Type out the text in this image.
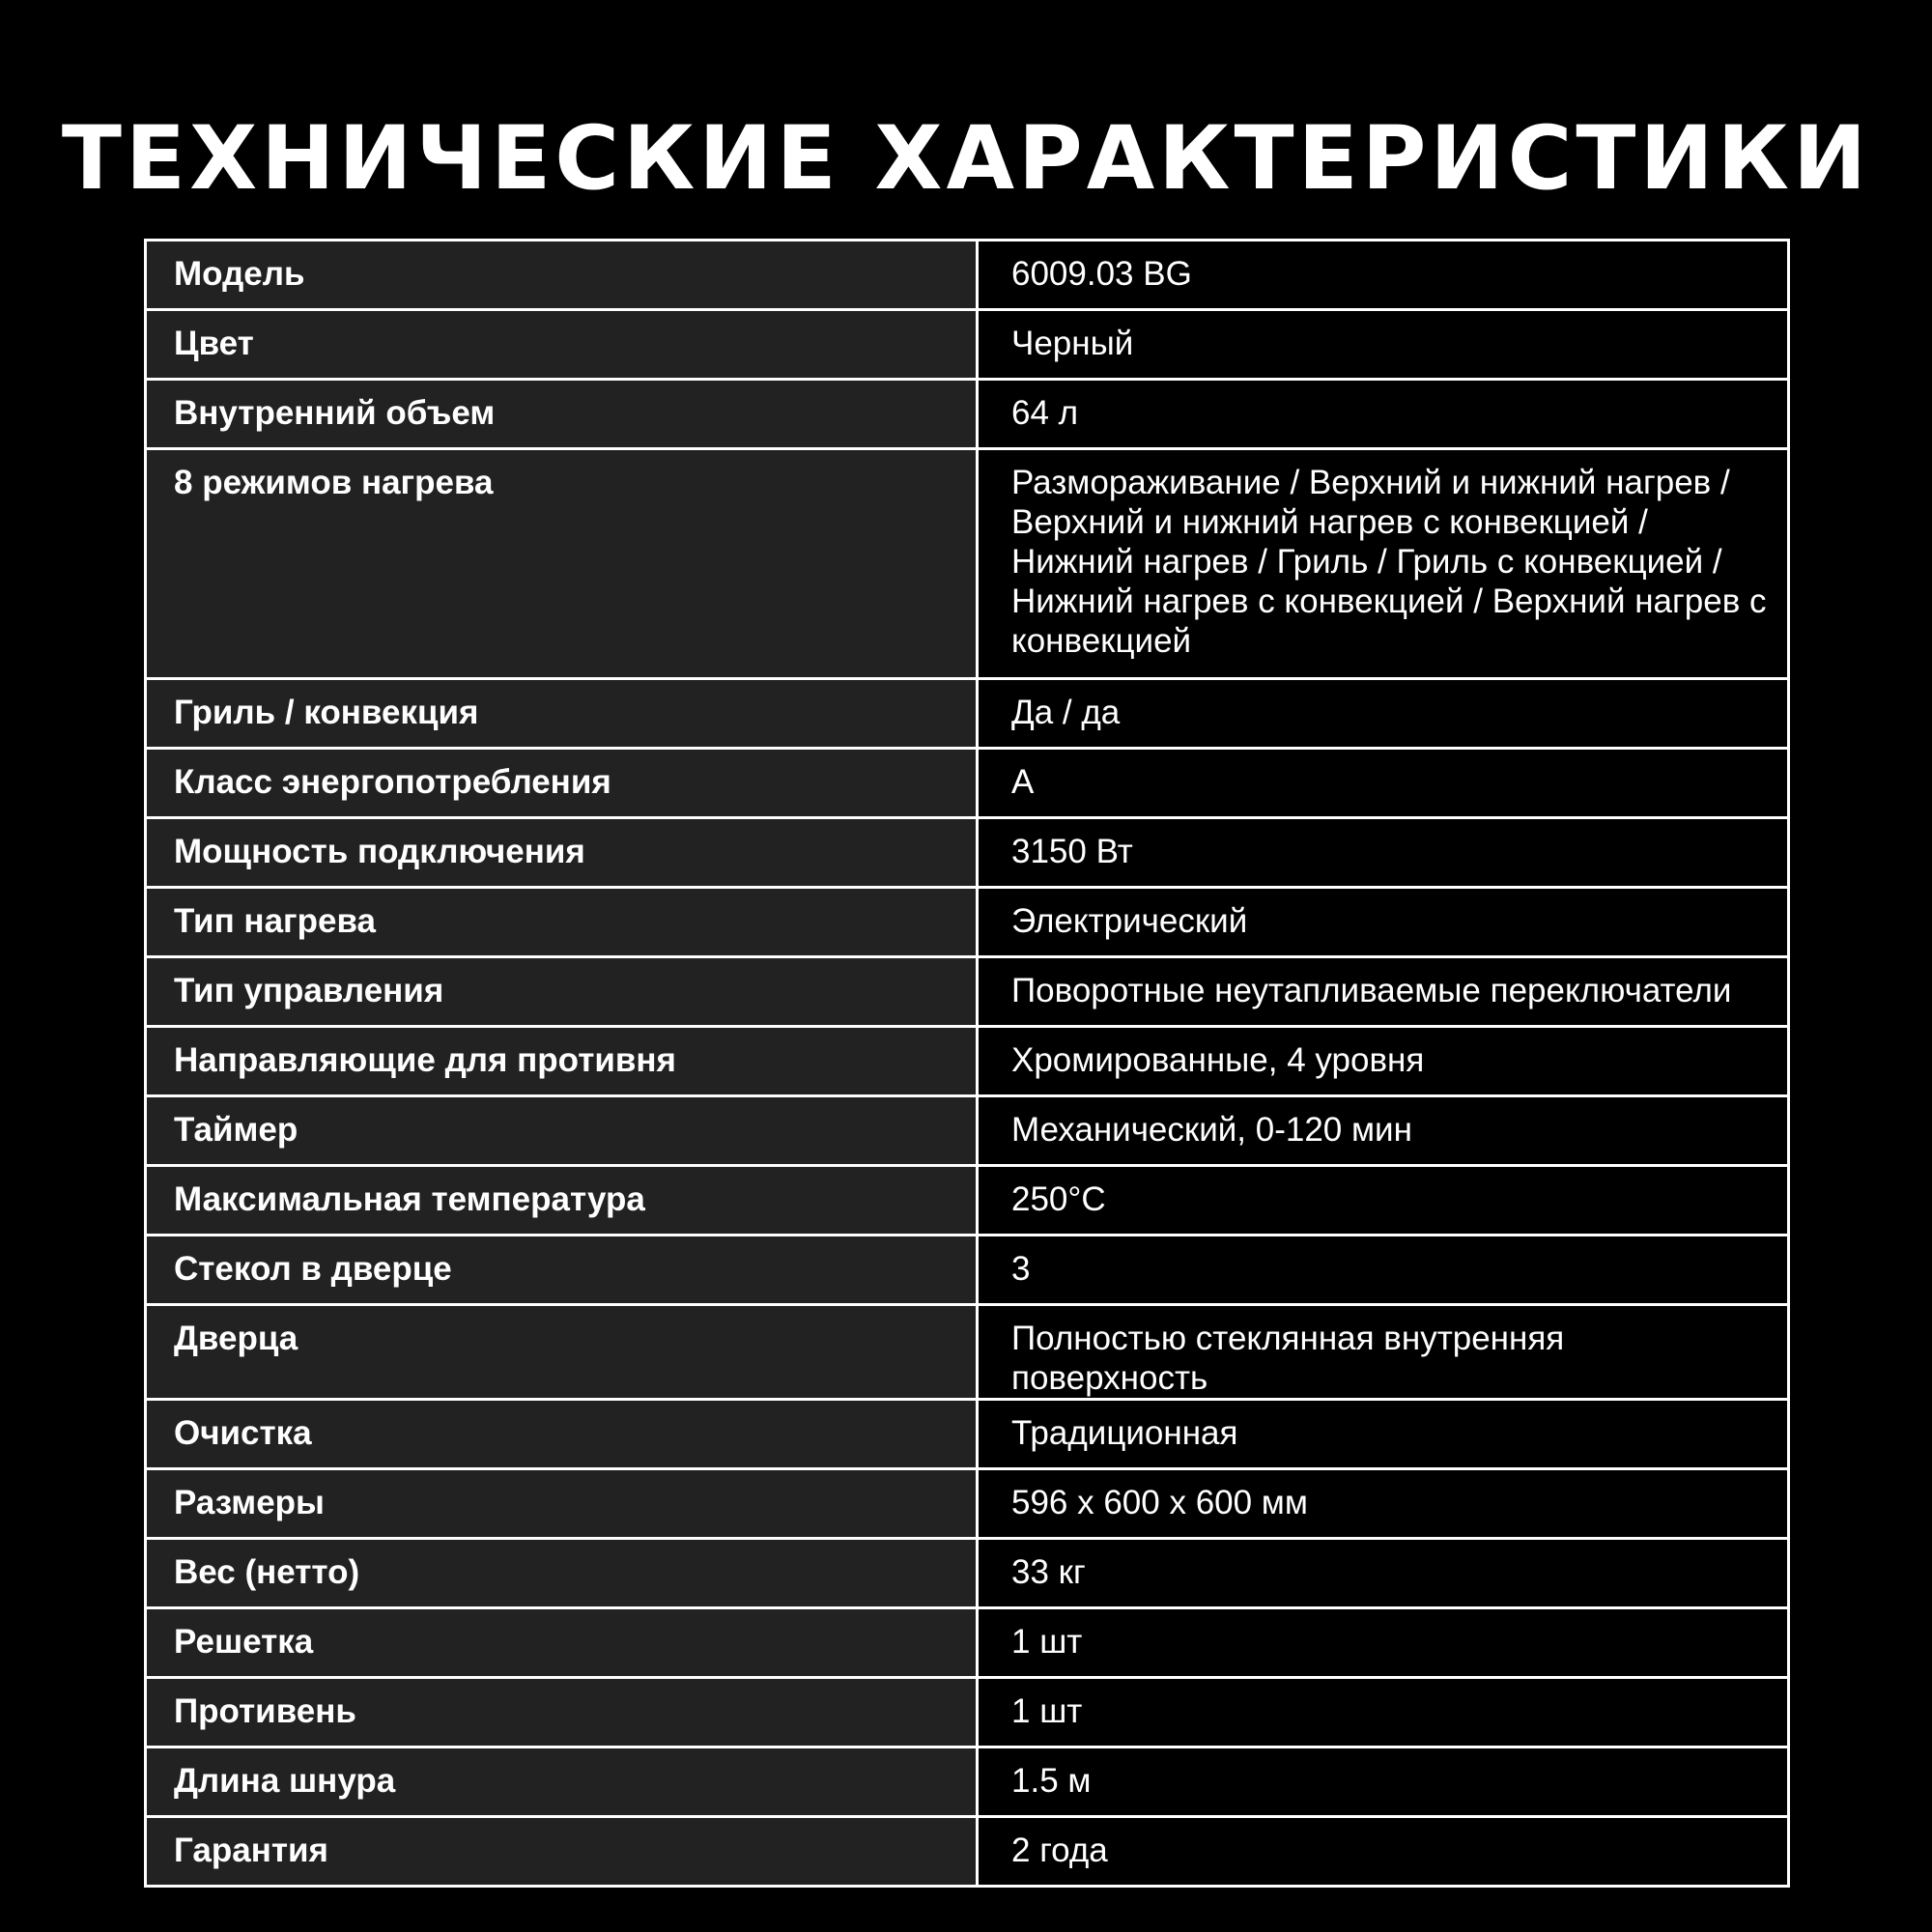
ТЕХНИЧЕСКИЕ ХАРАКТЕРИСТИКИ
Модель	6009.03 BG
Цвет	Черный
Внутренний объем	64 л
8 режимов нагрева	Размораживание / Верхний и нижний нагрев / Верхний и нижний нагрев с конвекцией / Нижний нагрев / Гриль / Гриль с конвекцией / Нижний нагрев с конвекцией / Верхний нагрев с конвекцией
Гриль / конвекция	Да / да
Класс энергопотребления	A
Мощность подключения	3150 Вт
Тип нагрева	Электрический
Тип управления	Поворотные неутапливаемые переключатели
Направляющие для противня	Хромированные, 4 уровня
Таймер	Механический, 0-120 мин
Максимальная температура	250°C
Стекол в дверце	3
Дверца	Полностью стеклянная внутренняя поверхность
Очистка	Традиционная
Размеры	596 x 600 x 600 мм
Вес (нетто)	33 кг
Решетка	1 шт
Противень	1 шт
Длина шнура	1.5 м
Гарантия	2 года
